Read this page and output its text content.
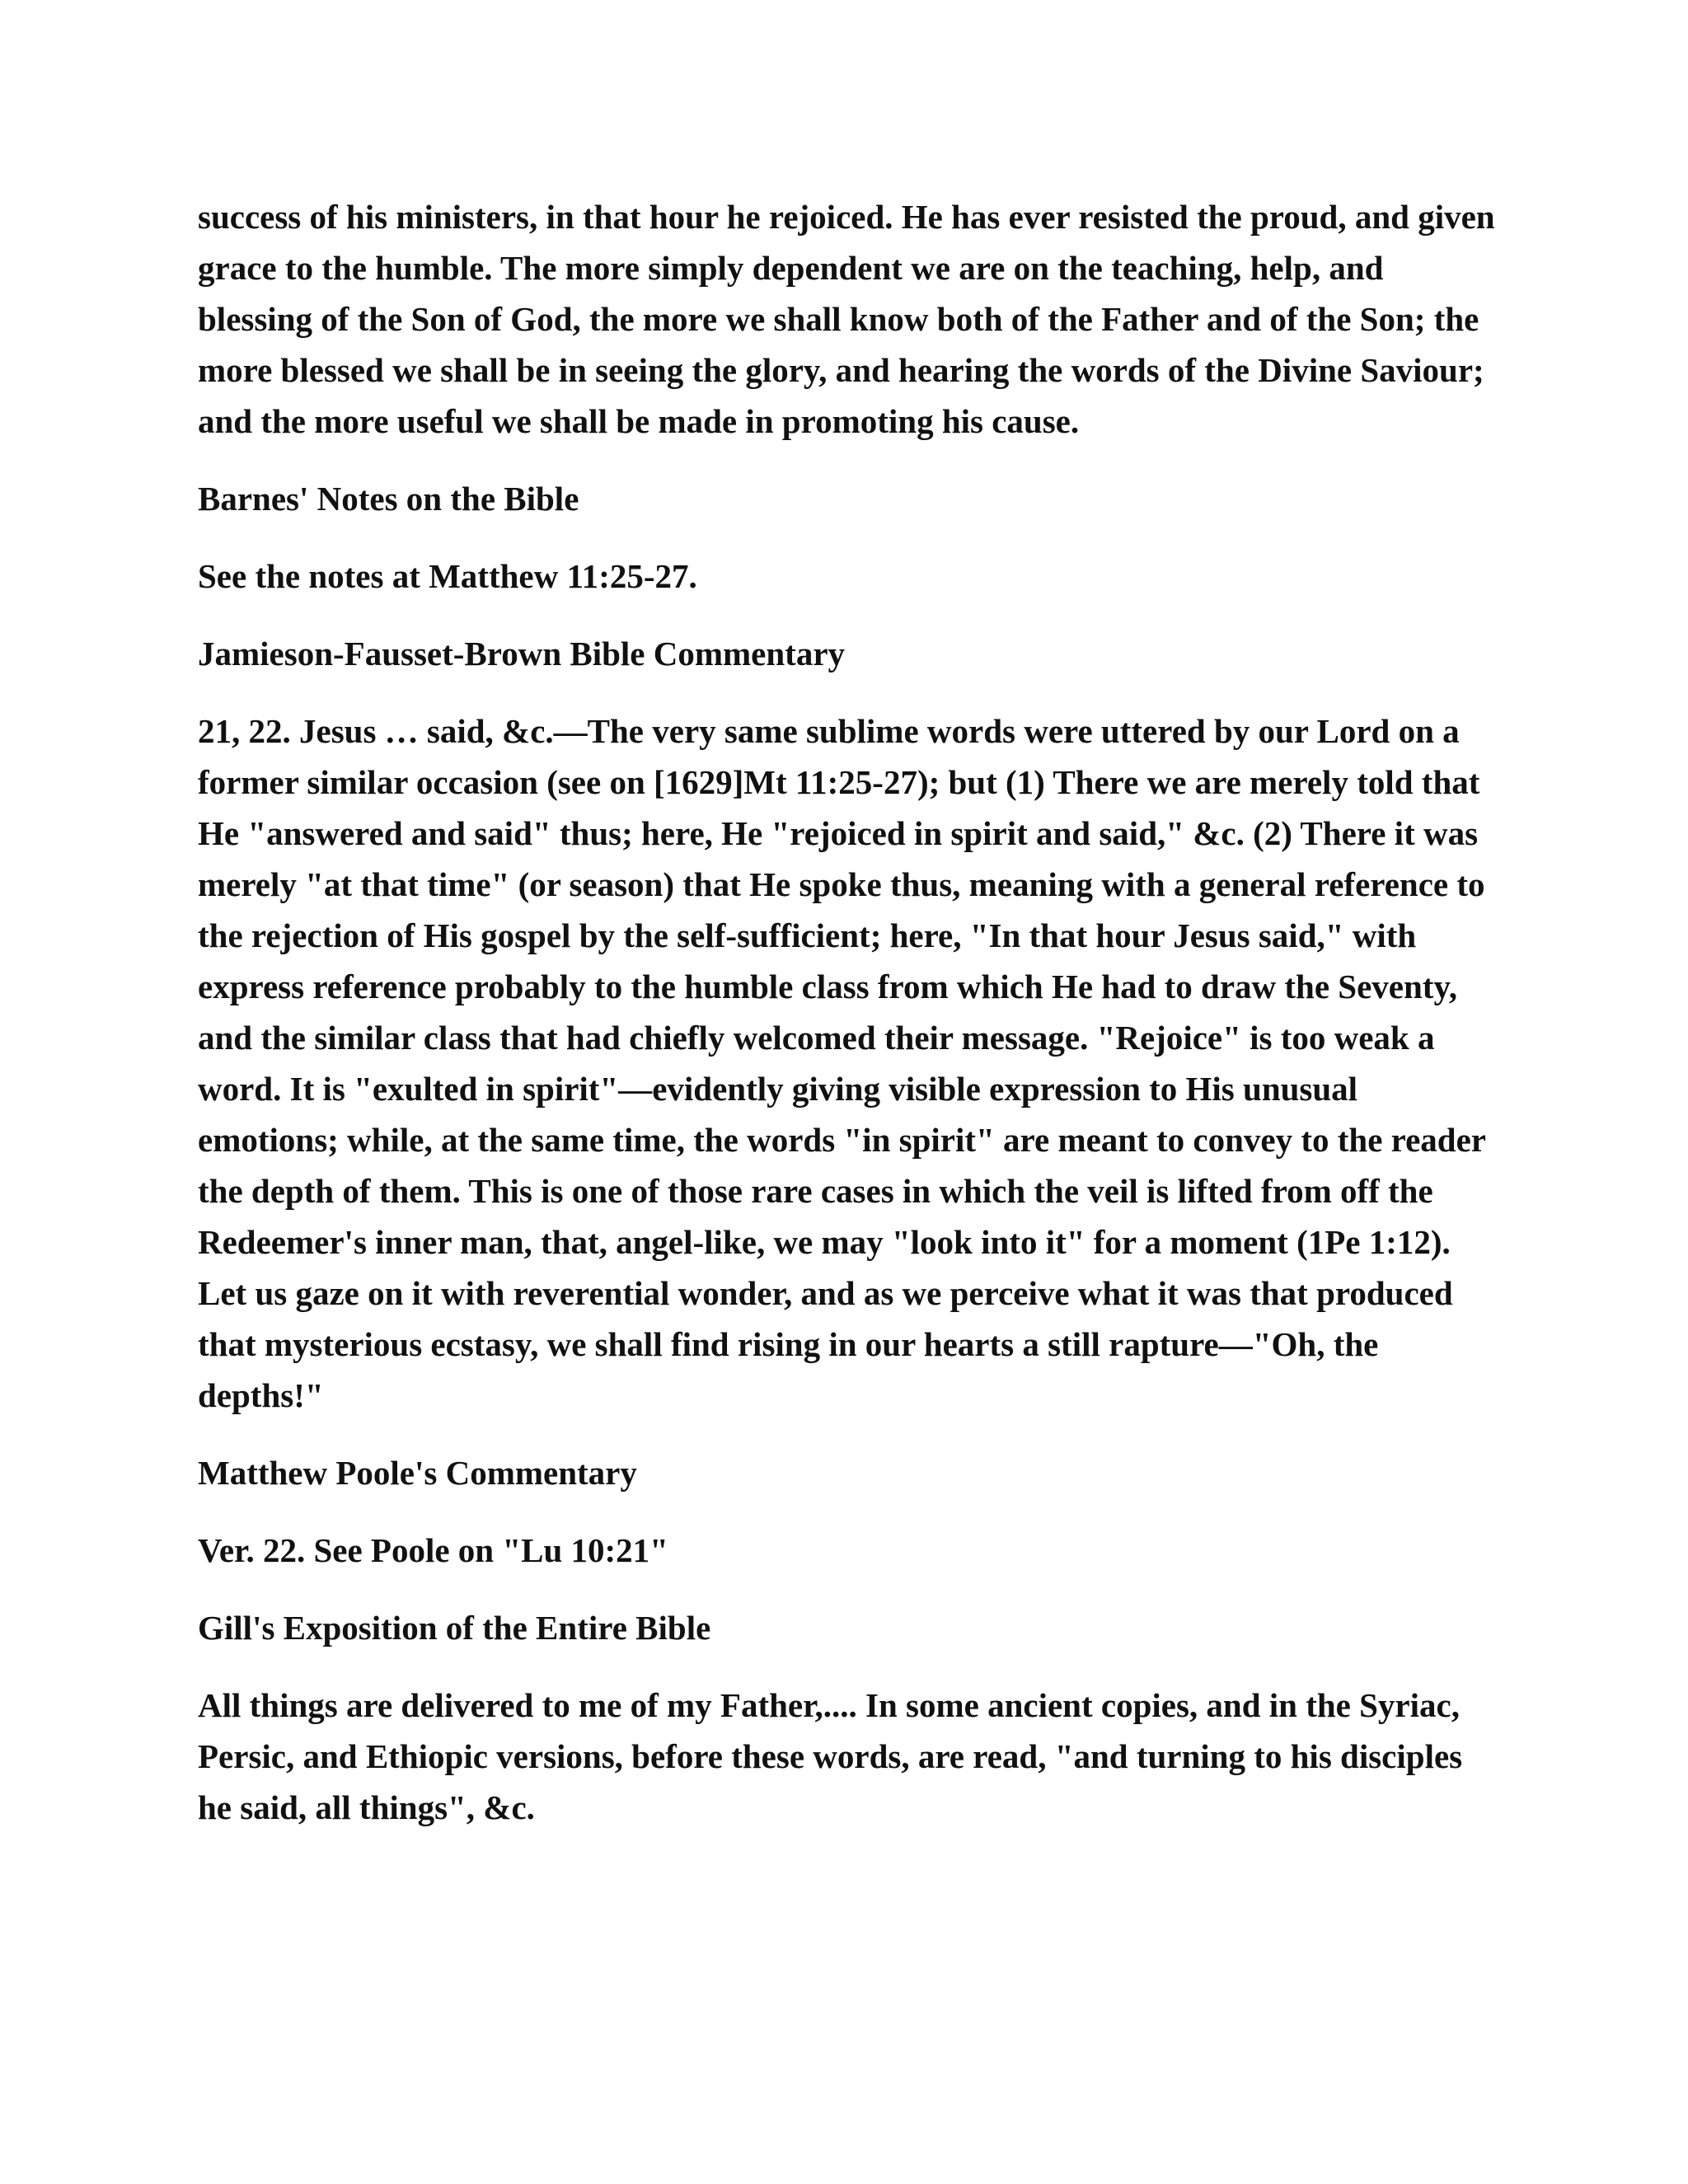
success of his ministers, in that hour he rejoiced. He has ever resisted the proud, and given grace to the humble. The more simply dependent we are on the teaching, help, and blessing of the Son of God, the more we shall know both of the Father and of the Son; the more blessed we shall be in seeing the glory, and hearing the words of the Divine Saviour; and the more useful we shall be made in promoting his cause.

Barnes' Notes on the Bible

See the notes at Matthew 11:25-27.

Jamieson-Fausset-Brown Bible Commentary

21, 22. Jesus … said, &c.—The very same sublime words were uttered by our Lord on a former similar occasion (see on [1629]Mt 11:25-27); but (1) There we are merely told that He "answered and said" thus; here, He "rejoiced in spirit and said," &c. (2) There it was merely "at that time" (or season) that He spoke thus, meaning with a general reference to the rejection of His gospel by the self-sufficient; here, "In that hour Jesus said," with express reference probably to the humble class from which He had to draw the Seventy, and the similar class that had chiefly welcomed their message. "Rejoice" is too weak a word. It is "exulted in spirit"—evidently giving visible expression to His unusual emotions; while, at the same time, the words "in spirit" are meant to convey to the reader the depth of them. This is one of those rare cases in which the veil is lifted from off the Redeemer's inner man, that, angel-like, we may "look into it" for a moment (1Pe 1:12). Let us gaze on it with reverential wonder, and as we perceive what it was that produced that mysterious ecstasy, we shall find rising in our hearts a still rapture—"Oh, the depths!"

Matthew Poole's Commentary

Ver. 22. See Poole on "Lu 10:21"

Gill's Exposition of the Entire Bible

All things are delivered to me of my Father,.... In some ancient copies, and in the Syriac, Persic, and Ethiopic versions, before these words, are read, "and turning to his disciples he said, all things", &c.
